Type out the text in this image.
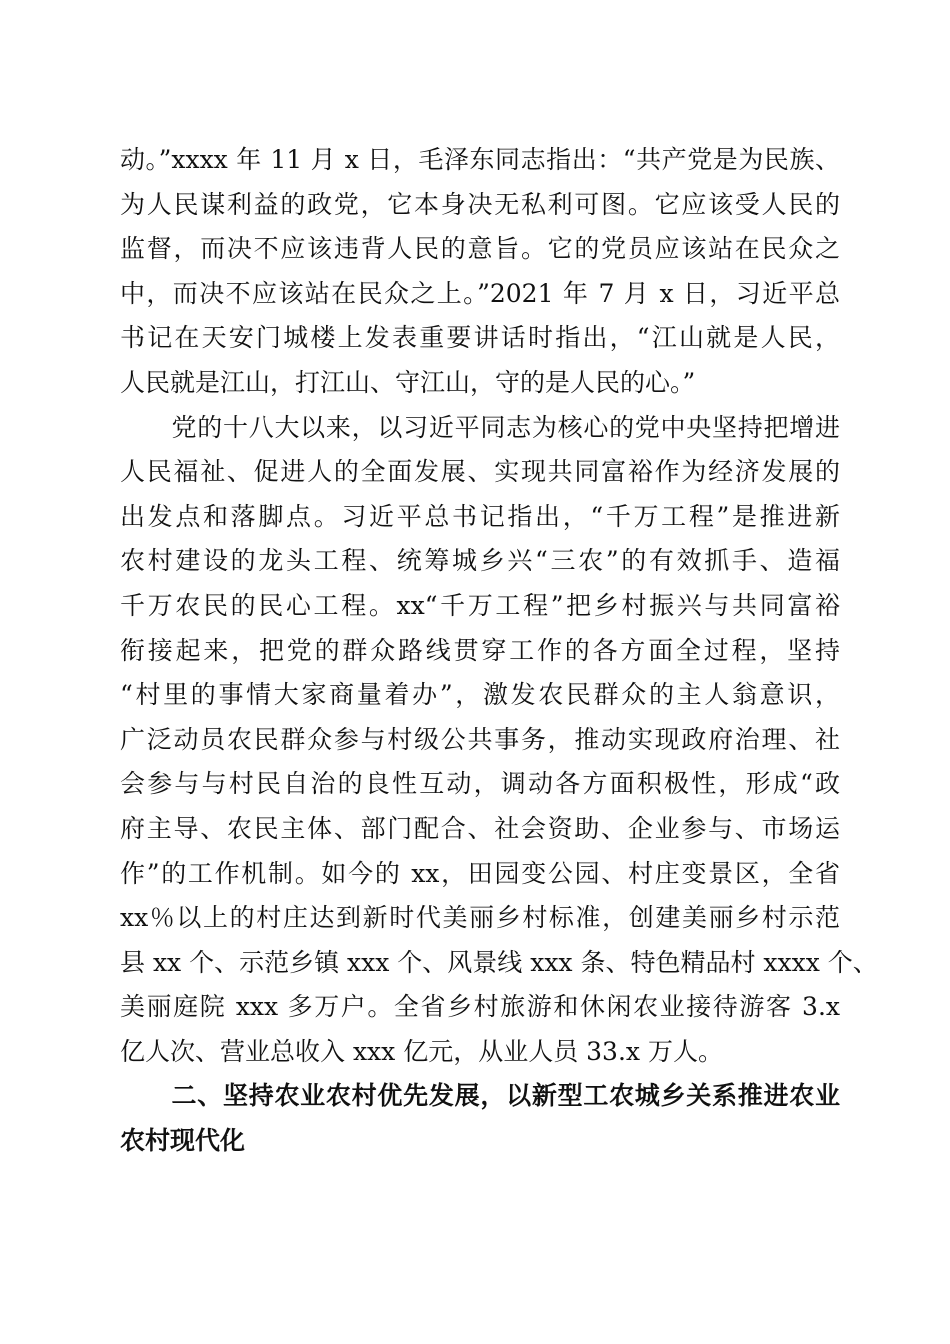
动。”xxxx 年 11 月 x 日，毛泽东同志指出：“共产党是为民族、
为人民谋利益的政党，它本身决无私利可图。它应该受人民的
监督，而决不应该违背人民的意旨。它的党员应该站在民众之
中，而决不应该站在民众之上。”2021 年 7 月 x 日，习近平总
书记在天安门城楼上发表重要讲话时指出，“江山就是人民，
人民就是江山，打江山、守江山，守的是人民的心。”
　　党的十八大以来，以习近平同志为核心的党中央坚持把增进
人民福祉、促进人的全面发展、实现共同富裕作为经济发展的
出发点和落脚点。习近平总书记指出，“千万工程”是推进新
农村建设的龙头工程、统筹城乡兴“三农”的有效抓手、造福
千万农民的民心工程。xx“千万工程”把乡村振兴与共同富裕
衔接起来，把党的群众路线贯穿工作的各方面全过程，坚持
“村里的事情大家商量着办”，激发农民群众的主人翁意识，
广泛动员农民群众参与村级公共事务，推动实现政府治理、社
会参与与村民自治的良性互动，调动各方面积极性，形成“政
府主导、农民主体、部门配合、社会资助、企业参与、市场运
作”的工作机制。如今的 xx，田园变公园、村庄变景区，全省
xx％以上的村庄达到新时代美丽乡村标准，创建美丽乡村示范
县 xx 个、示范乡镇 xxx 个、风景线 xxx 条、特色精品村 xxxx 个、
美丽庭院 xxx 多万户。全省乡村旅游和休闲农业接待游客 3.x
亿人次、营业总收入 xxx 亿元，从业人员 33.x 万人。
　　二、坚持农业农村优先发展，以新型工农城乡关系推进农业
农村现代化
